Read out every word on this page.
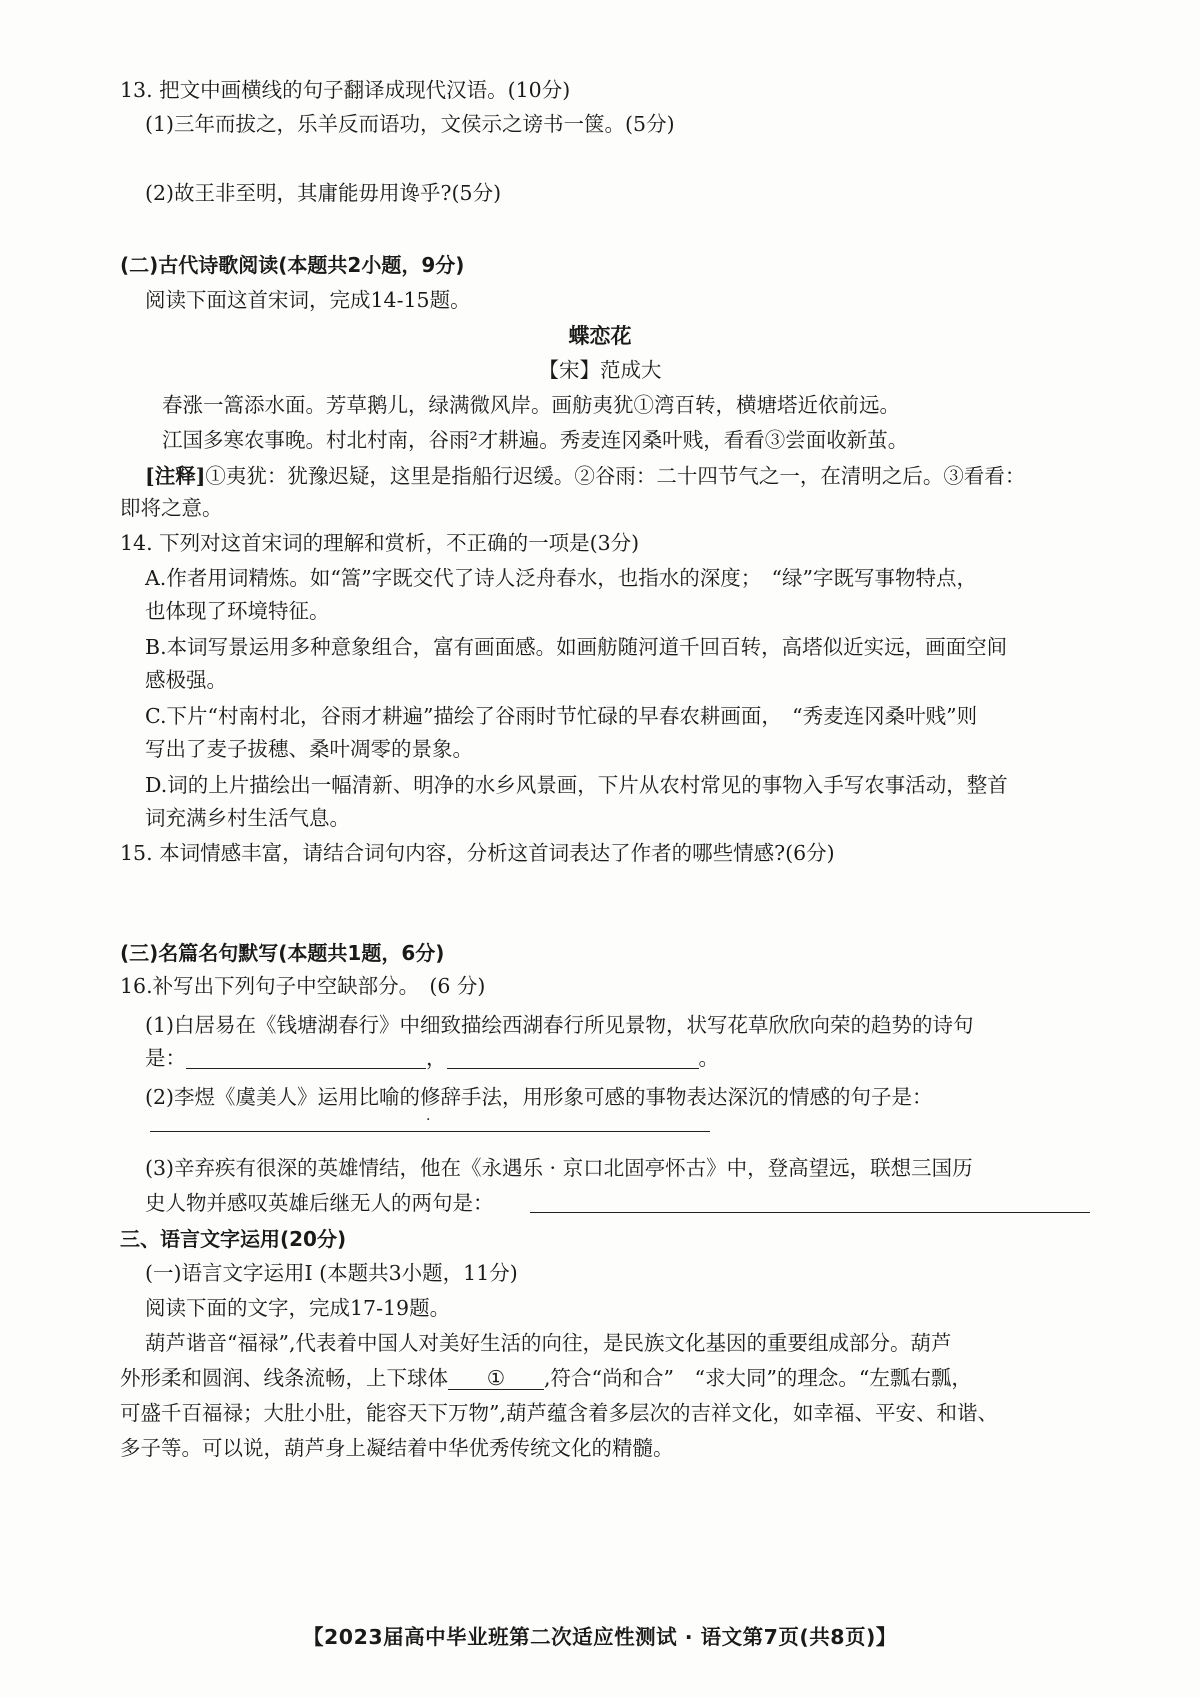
13. 把文中画横线的句子翻译成现代汉语。(10分)
(1)三年而拔之，乐羊反而语功，文侯示之谤书一箧。(5分)
(2)故王非至明，其庸能毋用谗乎?(5分)
(二)古代诗歌阅读(本题共2小题，9分)
阅读下面这首宋词，完成14-15题。
蝶恋花
【宋】范成大
春涨一篙添水面。芳草鹅儿，绿满微风岸。画舫夷犹①湾百转，横塘塔近依前远。
江国多寒农事晚。村北村南，谷雨²才耕遍。秀麦连冈桑叶贱，看看③尝面收新茧。
[注释]①夷犹：犹豫迟疑，这里是指船行迟缓。②谷雨：二十四节气之一，在清明之后。③看看：
即将之意。
14. 下列对这首宋词的理解和赏析，不正确的一项是(3分)
A.作者用词精炼。如“篙”字既交代了诗人泛舟春水，也指水的深度；　“绿”字既写事物特点，
也体现了环境特征。
B.本词写景运用多种意象组合，富有画面感。如画舫随河道千回百转，高塔似近实远，画面空间
感极强。
C.下片“村南村北，谷雨才耕遍”描绘了谷雨时节忙碌的早春农耕画面，　“秀麦连冈桑叶贱”则
写出了麦子拔穗、桑叶凋零的景象。
D.词的上片描绘出一幅清新、明净的水乡风景画，下片从农村常见的事物入手写农事活动，整首
词充满乡村生活气息。
15. 本词情感丰富，请结合词句内容，分析这首词表达了作者的哪些情感?(6分)
(三)名篇名句默写(本题共1题，6分)
16.补写出下列句子中空缺部分。　(6 分)
(1)白居易在《钱塘湖春行》中细致描绘西湖春行所见景物，状写花草欣欣向荣的趋势的诗句
是：	，	。
(2)李煜《虞美人》运用比喻的修辞手法，用形象可感的事物表达深沉的情感的句子是：
.
(3)辛弃疾有很深的英雄情结，他在《永遇乐 · 京口北固亭怀古》中，登高望远，联想三国历
史人物并感叹英雄后继无人的两句是：
三、语言文字运用(20分)
(一)语言文字运用Ⅰ (本题共3小题，11分)
阅读下面的文字，完成17-19题。
葫芦谐音“福禄”,代表着中国人对美好生活的向往，是民族文化基因的重要组成部分。葫芦
外形柔和圆润、线条流畅，上下球体 ① ,符合“尚和合”　“求大同”的理念。“左瓢右瓢，
可盛千百福禄；大肚小肚，能容天下万物”,葫芦蕴含着多层次的吉祥文化，如幸福、平安、和谐、
多子等。可以说，葫芦身上凝结着中华优秀传统文化的精髓。
【2023届高中毕业班第二次适应性测试 · 语文第7页(共8页)】
